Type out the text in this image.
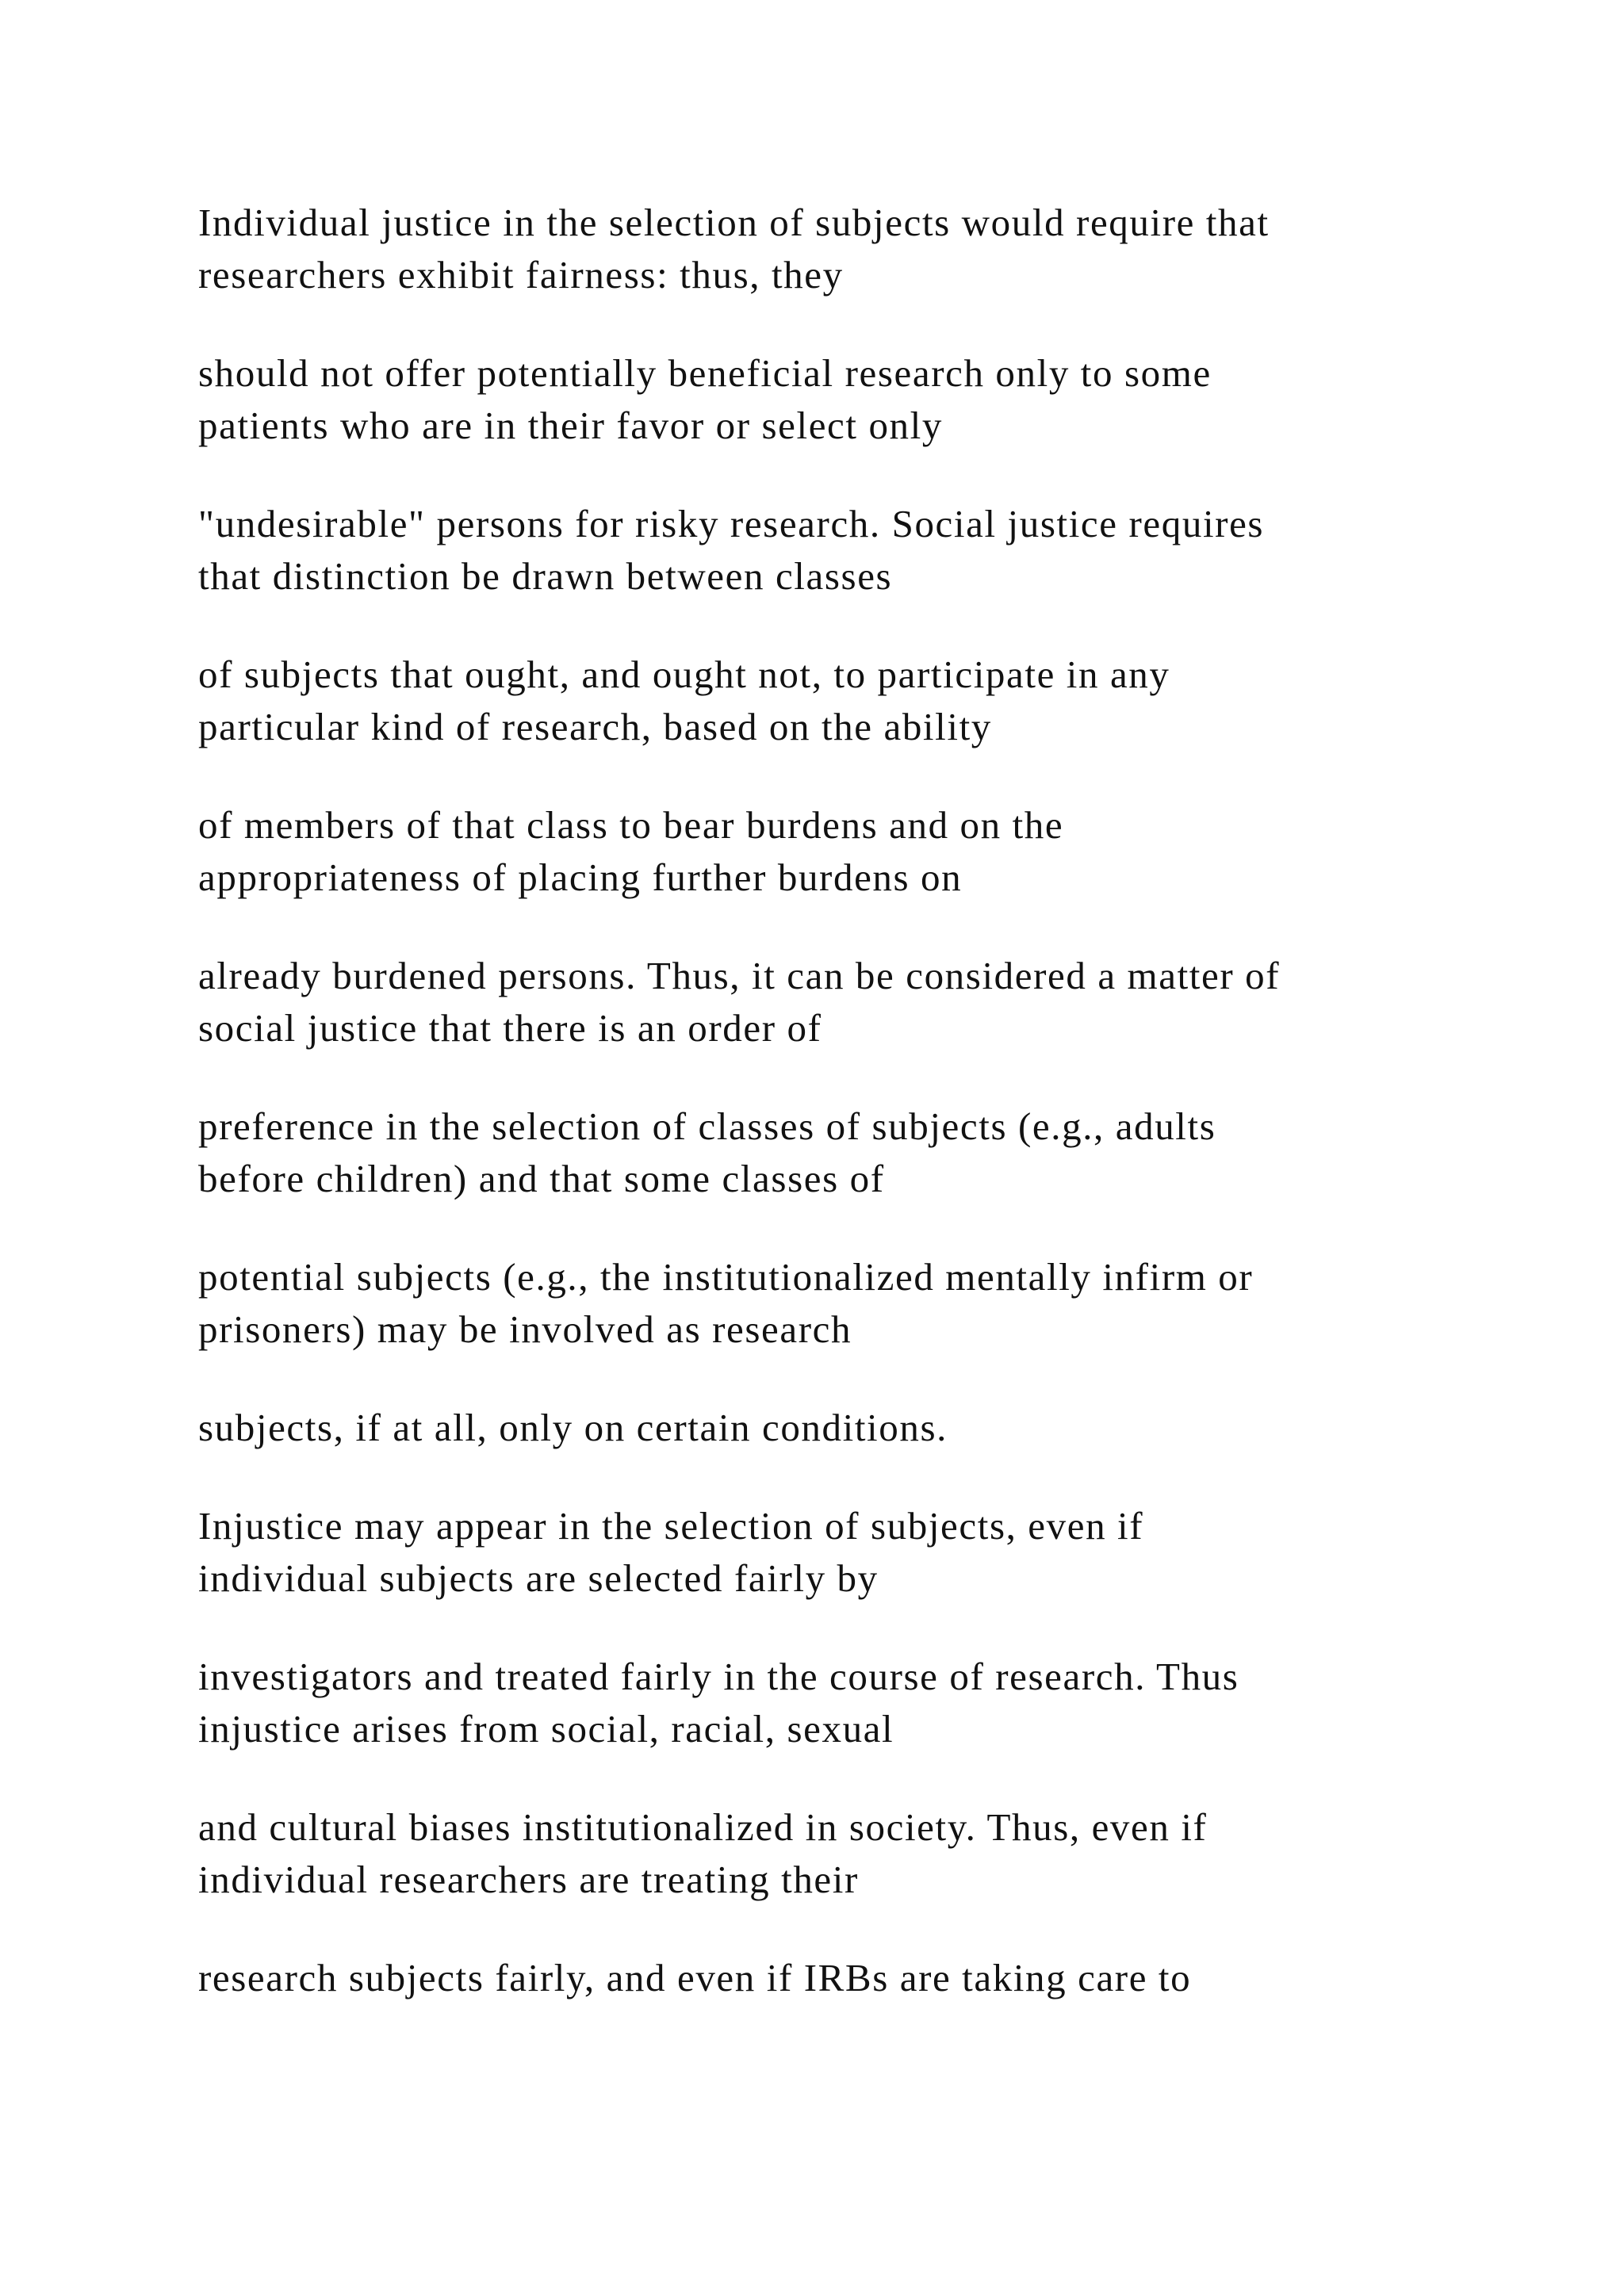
Individual justice in the selection of subjects would require that
researchers exhibit fairness: thus, they

should not offer potentially beneficial research only to some
patients who are in their favor or select only

"undesirable" persons for risky research. Social justice requires
that distinction be drawn between classes

of subjects that ought, and ought not, to participate in any
particular kind of research, based on the ability

of members of that class to bear burdens and on the
appropriateness of placing further burdens on

already burdened persons. Thus, it can be considered a matter of
social justice that there is an order of

preference in the selection of classes of subjects (e.g., adults
before children) and that some classes of

potential subjects (e.g., the institutionalized mentally infirm or
prisoners) may be involved as research

subjects, if at all, only on certain conditions.

Injustice may appear in the selection of subjects, even if
individual subjects are selected fairly by

investigators and treated fairly in the course of research. Thus
injustice arises from social, racial, sexual

and cultural biases institutionalized in society. Thus, even if
individual researchers are treating their

research subjects fairly, and even if IRBs are taking care to
